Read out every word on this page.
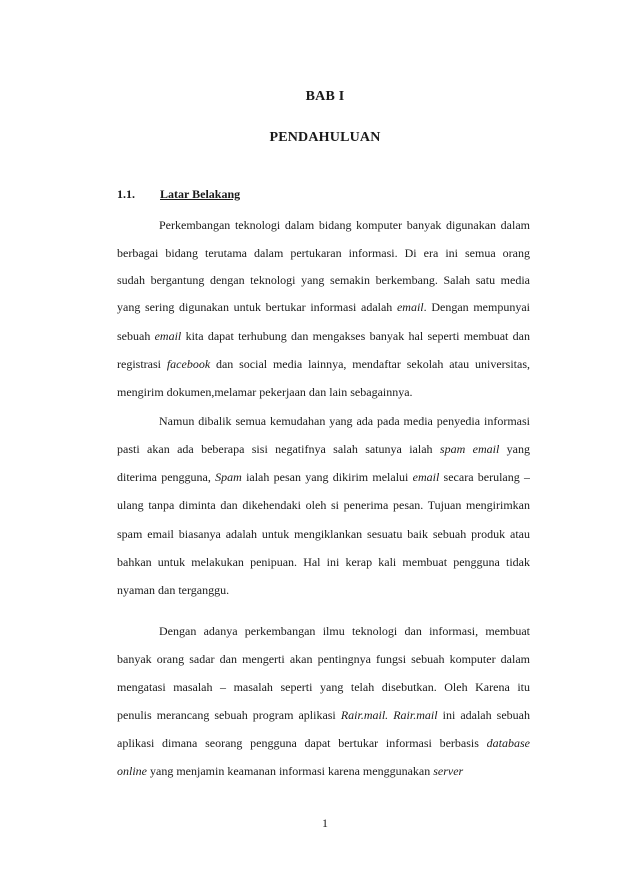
BAB I
PENDAHULUAN
1.1. Latar Belakang
Perkembangan teknologi dalam bidang komputer banyak digunakan dalam
berbagai bidang terutama dalam pertukaran informasi. Di era ini semua orang
sudah bergantung dengan teknologi yang semakin berkembang. Salah satu media
yang sering digunakan untuk bertukar informasi adalah email. Dengan mempunyai
sebuah email kita dapat terhubung dan mengakses banyak hal seperti membuat dan
registrasi facebook dan social media lainnya, mendaftar sekolah atau universitas,
mengirim dokumen,melamar pekerjaan dan lain sebagainnya.
Namun dibalik semua kemudahan yang ada pada media penyedia informasi
pasti akan ada beberapa sisi negatifnya salah satunya ialah spam email yang
diterima pengguna, Spam ialah pesan yang dikirim melalui email secara berulang –
ulang tanpa diminta dan dikehendaki oleh si penerima pesan. Tujuan mengirimkan
spam email biasanya adalah untuk mengiklankan sesuatu baik sebuah produk atau
bahkan untuk melakukan penipuan. Hal ini kerap kali membuat pengguna tidak
nyaman dan terganggu.
Dengan adanya perkembangan ilmu teknologi dan informasi, membuat
banyak orang sadar dan mengerti akan pentingnya fungsi sebuah komputer dalam
mengatasi masalah – masalah seperti yang telah disebutkan. Oleh Karena itu
penulis merancang sebuah program aplikasi Rair.mail. Rair.mail ini adalah sebuah
aplikasi dimana seorang pengguna dapat bertukar informasi berbasis database
online yang menjamin keamanan informasi karena menggunakan server
1
